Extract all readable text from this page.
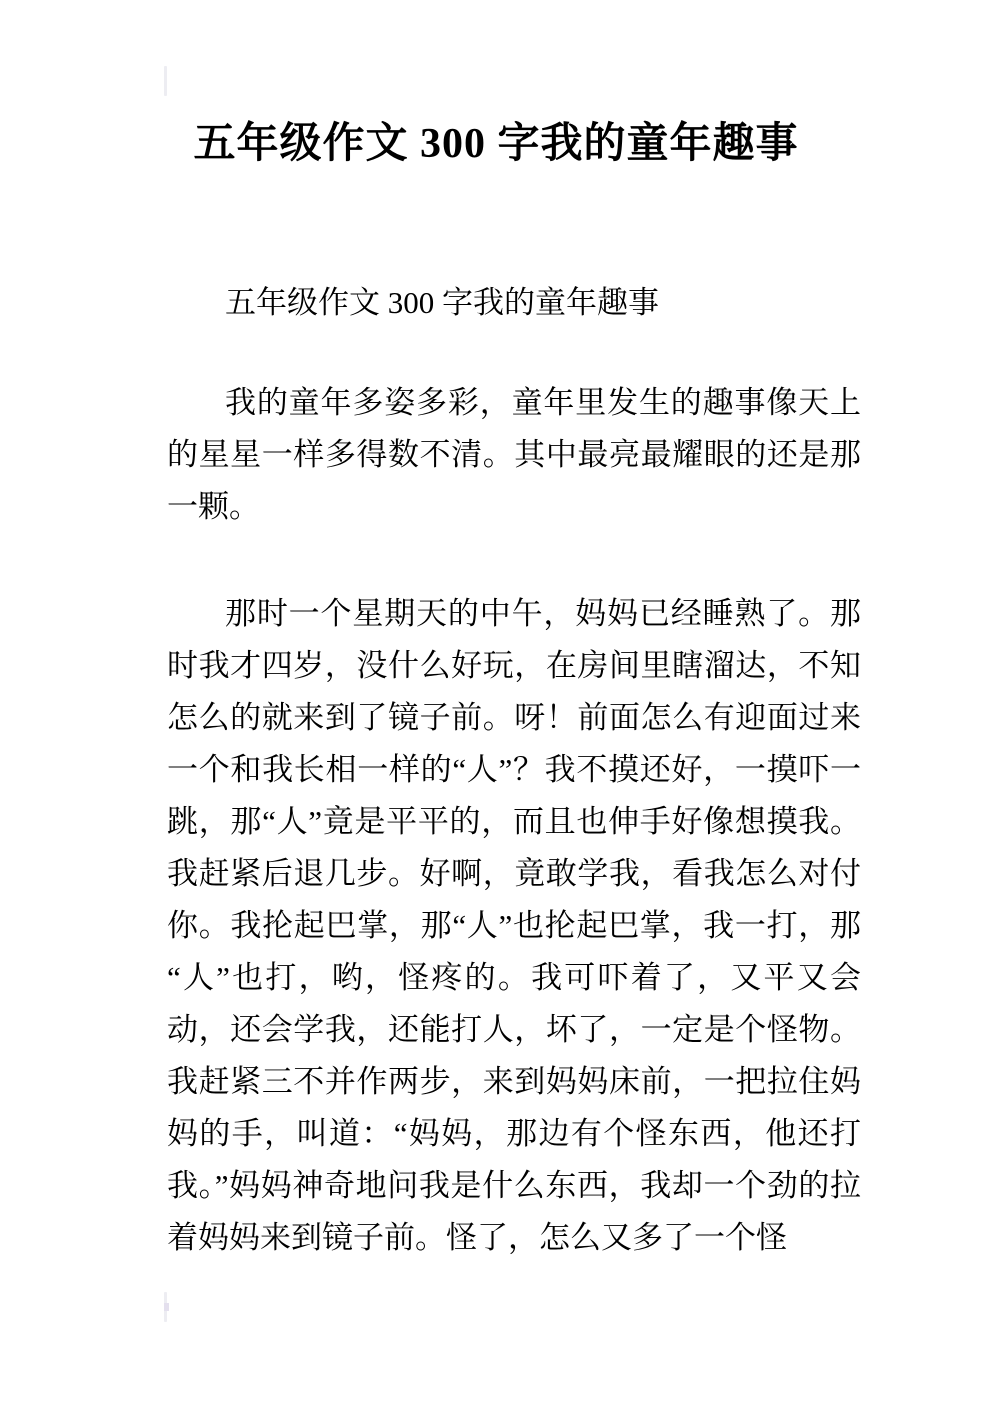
五年级作文 300 字我的童年趣事

五年级作文 300 字我的童年趣事

我的童年多姿多彩，童年里发生的趣事像天上的星星一样多得数不清。其中最亮最耀眼的还是那一颗。

那时一个星期天的中午，妈妈已经睡熟了。那时我才四岁，没什么好玩，在房间里瞎溜达，不知怎么的就来到了镜子前。呀！前面怎么有迎面过来一个和我长相一样的“人”？我不摸还好，一摸吓一跳，那“人”竟是平平的，而且也伸手好像想摸我。我赶紧后退几步。好啊，竟敢学我，看我怎么对付你。我抡起巴掌，那“人”也抡起巴掌，我一打，那“人”也打，哟，怪疼的。我可吓着了，又平又会动，还会学我，还能打人，坏了，一定是个怪物。我赶紧三不并作两步，来到妈妈床前，一把拉住妈妈的手，叫道：“妈妈，那边有个怪东西，他还打我。”妈妈神奇地问我是什么东西，我却一个劲的拉着妈妈来到镜子前。怪了，怎么又多了一个怪
